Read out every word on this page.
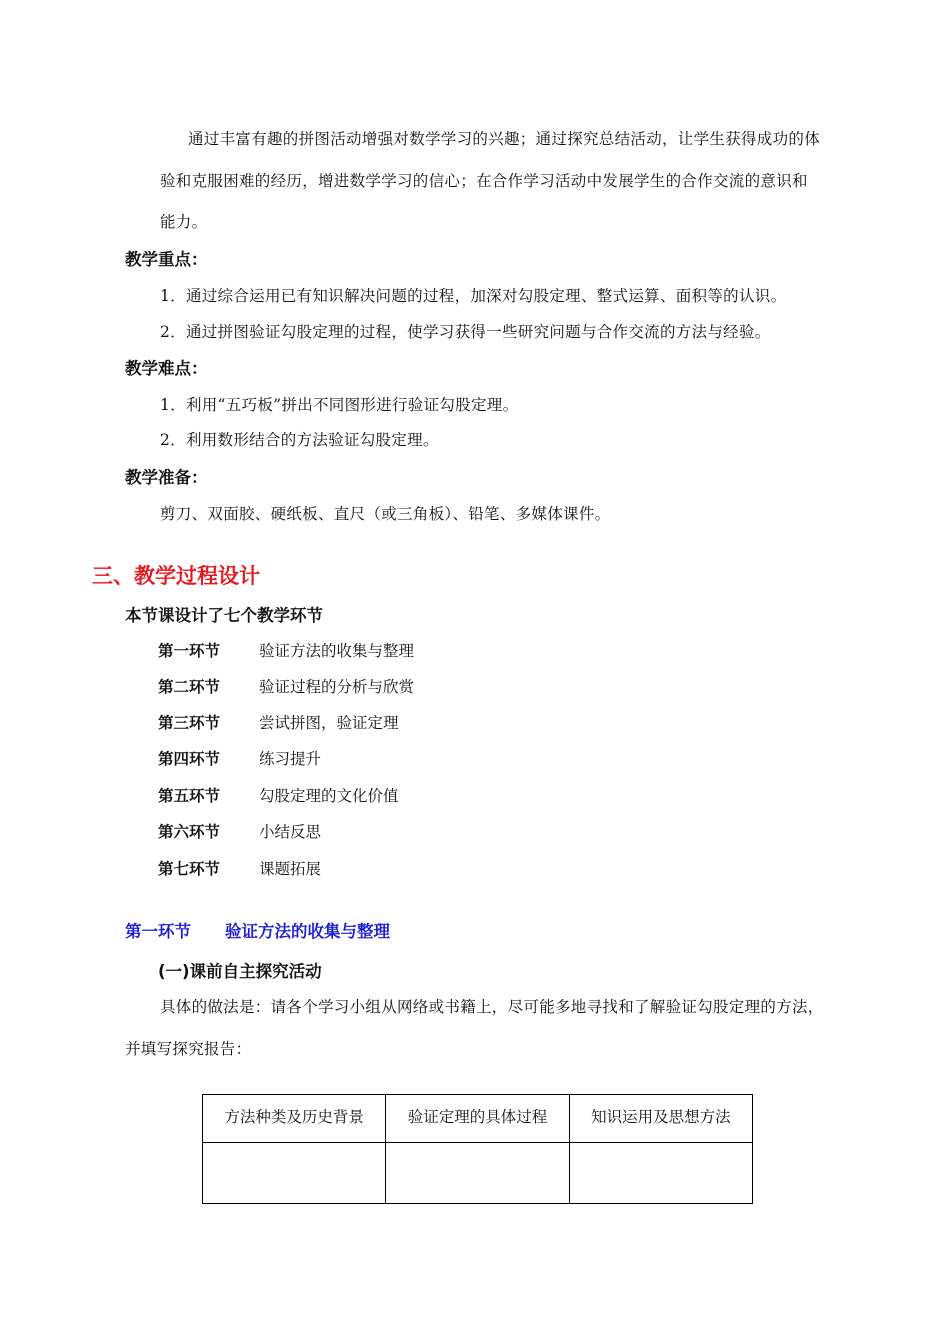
通过丰富有趣的拼图活动增强对数学学习的兴趣；通过探究总结活动，让学生获得成功的体
验和克服困难的经历，增进数学学习的信心；在合作学习活动中发展学生的合作交流的意识和
能力。
教学重点：
1．通过综合运用已有知识解决问题的过程，加深对勾股定理、整式运算、面积等的认识。
2．通过拼图验证勾股定理的过程，使学习获得一些研究问题与合作交流的方法与经验。
教学难点：
1．利用“五巧板”拼出不同图形进行验证勾股定理。
2．利用数形结合的方法验证勾股定理。
教学准备：
剪刀、双面胶、硬纸板、直尺（或三角板）、铅笔、多媒体课件。
三、教学过程设计
本节课设计了七个教学环节
第一环节	验证方法的收集与整理
第二环节	验证过程的分析与欣赏
第三环节	尝试拼图，验证定理
第四环节	练习提升
第五环节	勾股定理的文化价值
第六环节	小结反思
第七环节	课题拓展
第一环节 验证方法的收集与整理
(一)课前自主探究活动
具体的做法是：请各个学习小组从网络或书籍上，尽可能多地寻找和了解验证勾股定理的方法，
并填写探究报告：
方法种类及历史背景	验证定理的具体过程	知识运用及思想方法
